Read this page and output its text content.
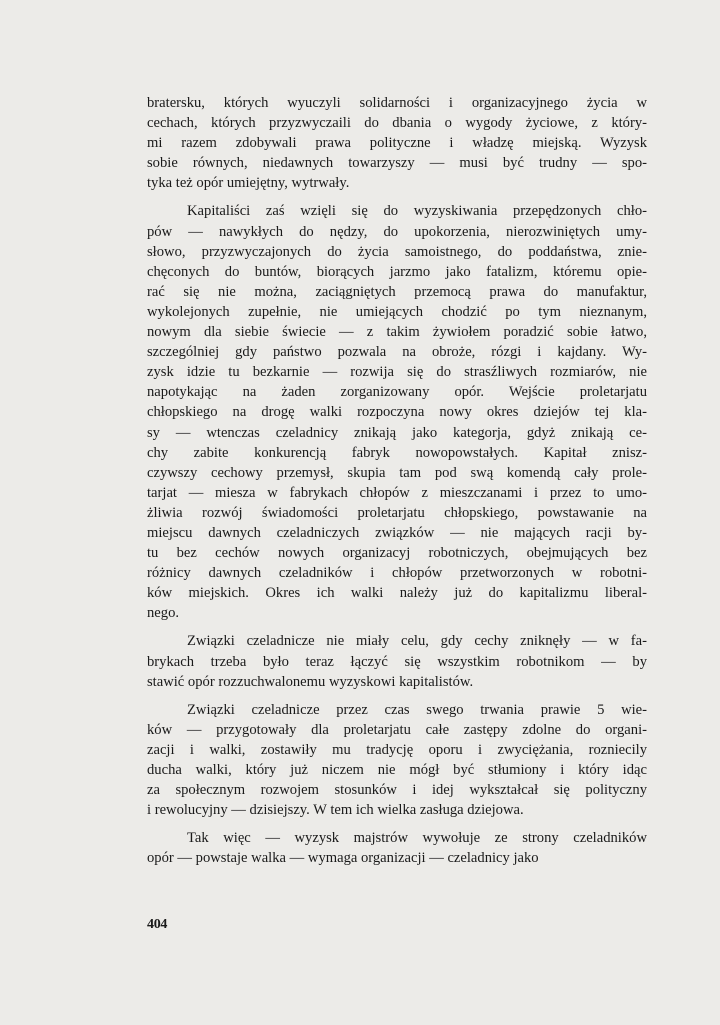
bratersku, których wyuczyli solidarności i organizacyjnego życia w
cechach, których przyzwyczaili do dbania o wygody życiowe, z który-
mi razem zdobywali prawa polityczne i władzę miejską. Wyzysk
sobie równych, niedawnych towarzyszy — musi być trudny — spo-
tyka też opór umiejętny, wytrwały.

Kapitaliści zaś wzięli się do wyzyskiwania przepędzonych chło-
pów — nawykłych do nędzy, do upokorzenia, nierozwiniętych umy-
słowo, przyzwyczajonych do życia samoistnego, do poddaństwa, znie-
chęconych do buntów, biorących jarzmo jako fatalizm, któremu opie-
rać się nie można, zaciągniętych przemocą prawa do manufaktur,
wykolejonych zupełnie, nie umiejących chodzić po tym nieznanym,
nowym dla siebie świecie — z takim żywiołem poradzić sobie łatwo,
szczególniej gdy państwo pozwala na obroże, rózgi i kajdany. Wy-
zysk idzie tu bezkarnie — rozwija się do strasźliwych rozmiarów, nie
napotykając na żaden zorganizowany opór. Wejście proletarjatu
chłopskiego na drogę walki rozpoczyna nowy okres dziejów tej kla-
sy — wtenczas czeladnicy znikają jako kategorja, gdyż znikają ce-
chy zabite konkurencją fabryk nowopowstałych. Kapitał znisz-
czywszy cechowy przemysł, skupia tam pod swą komendą cały prole-
tarjat — miesza w fabrykach chłopów z mieszczanami i przez to umo-
żliwia rozwój świadomości proletarjatu chłopskiego, powstawanie na
miejscu dawnych czeladniczych związków — nie mających racji by-
tu bez cechów nowych organizacyj robotniczych, obejmujących bez
różnicy dawnych czeladników i chłopów przetworzonych w robotni-
ków miejskich. Okres ich walki należy już do kapitalizmu liberal-
nego.

Związki czeladnicze nie miały celu, gdy cechy zniknęły — w fa-
brykach trzeba było teraz łączyć się wszystkim robotnikom — by
stawić opór rozzuchwalonemu wyzyskowi kapitalistów.

Związki czeladnicze przez czas swego trwania prawie 5 wie-
ków — przygotowały dla proletarjatu całe zastępy zdolne do organi-
zacji i walki, zostawiły mu tradycję oporu i zwyciężania, rozniecily
ducha walki, który już niczem nie mógł być stłumiony i który idąc
za społecznym rozwojem stosunków i idej wykształcał się polityczny
i rewolucyjny — dzisiejszy. W tem ich wielka zasługa dziejowa.

Tak więc — wyzysk majstrów wywołuje ze strony czeladników
opór — powstaje walka — wymaga organizacji — czeladnicy jako

404
